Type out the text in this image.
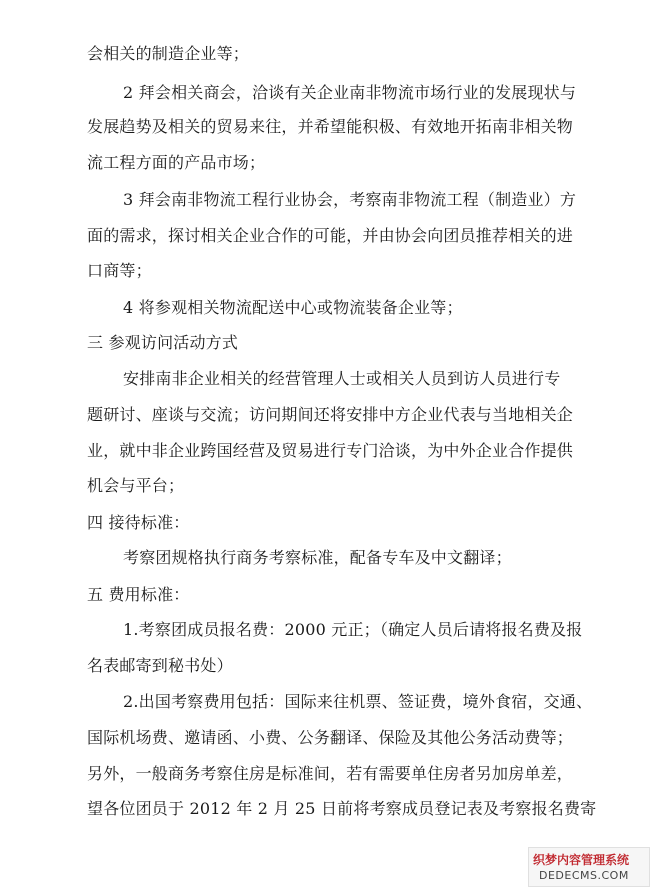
会相关的制造企业等；
2 拜会相关商会，洽谈有关企业南非物流市场行业的发展现状与
发展趋势及相关的贸易来往，并希望能积极、有效地开拓南非相关物
流工程方面的产品市场；
3 拜会南非物流工程行业协会，考察南非物流工程（制造业）方
面的需求，探讨相关企业合作的可能，并由协会向团员推荐相关的进
口商等；
4 将参观相关物流配送中心或物流装备企业等；
三 参观访问活动方式
安排南非企业相关的经营管理人士或相关人员到访人员进行专
题研讨、座谈与交流；访问期间还将安排中方企业代表与当地相关企
业，就中非企业跨国经营及贸易进行专门洽谈，为中外企业合作提供
机会与平台；
四 接待标准：
考察团规格执行商务考察标准，配备专车及中文翻译；
五 费用标准：
1.考察团成员报名费：2000 元正；（确定人员后请将报名费及报
名表邮寄到秘书处）
2.出国考察费用包括：国际来往机票、签证费，境外食宿，交通、
国际机场费、邀请函、小费、公务翻译、保险及其他公务活动费等；
另外，一般商务考察住房是标准间，若有需要单住房者另加房单差，
望各位团员于 2012 年 2 月 25 日前将考察成员登记表及考察报名费寄
织梦内容管理系统
DEDECMS.COM
